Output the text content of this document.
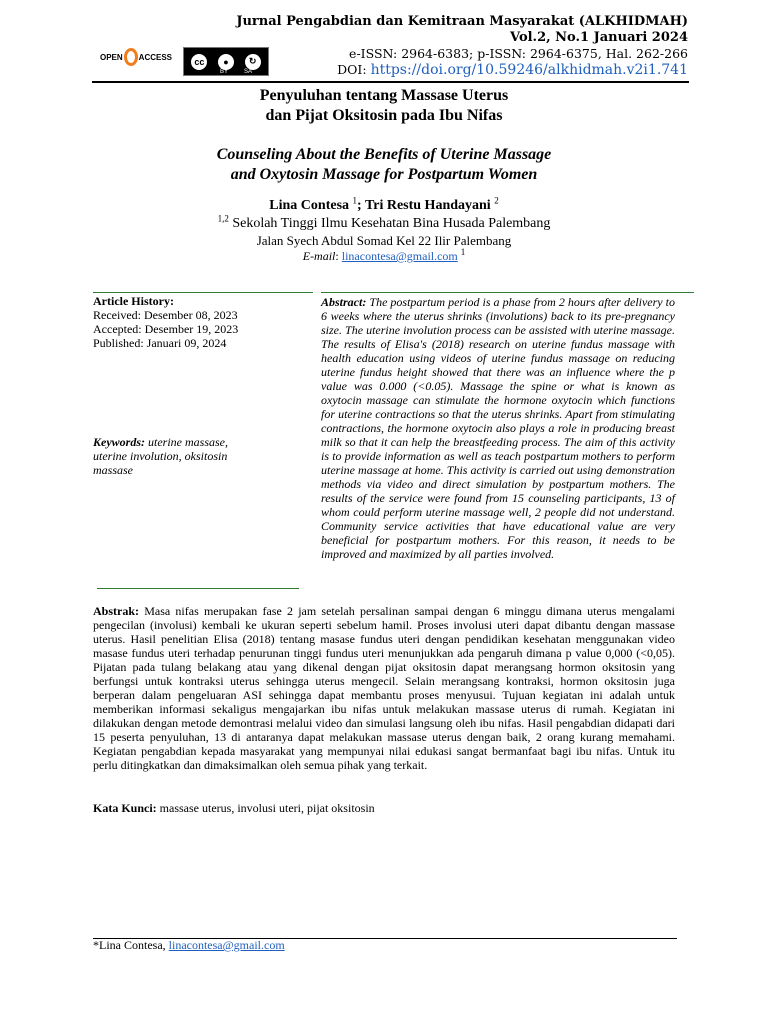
OPEN ACCESS cc	●	↻
BY	SA
Jurnal Pengabdian dan Kemitraan Masyarakat (ALKHIDMAH)
Vol.2, No.1 Januari 2024
e-ISSN: 2964-6383; p-ISSN: 2964-6375, Hal. 262-266
DOI: https://doi.org/10.59246/alkhidmah.v2i1.741
Penyuluhan tentang Massase Uterus
dan Pijat Oksitosin pada Ibu Nifas
Counseling About the Benefits of Uterine Massage
and Oxytosin Massage for Postpartum Women
Lina Contesa $^1$; Tri Restu Handayani $^2$
$^{1,2}$ Sekolah Tinggi Ilmu Kesehatan Bina Husada Palembang
Jalan Syech Abdul Somad Kel 22 Ilir Palembang
E-mail: linacontesa@gmail.com $^1$
Article History:
Received: Desember 08, 2023
Accepted: Desember 19, 2023
Published: Januari 09, 2024
Keywords: uterine massase, uterine involution, oksitosin massase
Abstract: The postpartum period is a phase from 2 hours after delivery to 6 weeks where the uterus shrinks (involutions) back to its pre-pregnancy size. The uterine involution process can be assisted with uterine massage. The results of Elisa's (2018) research on uterine fundus massage with health education using videos of uterine fundus massage on reducing uterine fundus height showed that there was an influence where the p value was 0.000 (<0.05). Massage the spine or what is known as oxytocin massage can stimulate the hormone oxytocin which functions for uterine contractions so that the uterus shrinks. Apart from stimulating contractions, the hormone oxytocin also plays a role in producing breast milk so that it can help the breastfeeding process. The aim of this activity is to provide information as well as teach postpartum mothers to perform uterine massage at home. This activity is carried out using demonstration methods via video and direct simulation by postpartum mothers. The results of the service were found from 15 counseling participants, 13 of whom could perform uterine massage well, 2 people did not understand. Community service activities that have educational value are very beneficial for postpartum mothers. For this reason, it needs to be improved and maximized by all parties involved.
Abstrak: Masa nifas merupakan fase 2 jam setelah persalinan sampai dengan 6 minggu dimana uterus mengalami pengecilan (involusi) kembali ke ukuran seperti sebelum hamil. Proses involusi uteri dapat dibantu dengan massase uterus. Hasil penelitian Elisa (2018) tentang masase fundus uteri dengan pendidikan kesehatan menggunakan video masase fundus uteri terhadap penurunan tinggi fundus uteri menunjukkan ada pengaruh dimana p value 0,000 (<0,05). Pijatan pada tulang belakang atau yang dikenal dengan pijat oksitosin dapat merangsang hormon oksitosin yang berfungsi untuk kontraksi uterus sehingga uterus mengecil. Selain merangsang kontraksi, hormon oksitosin juga berperan dalam pengeluaran ASI sehingga dapat membantu proses menyusui. Tujuan kegiatan ini adalah untuk memberikan informasi sekaligus mengajarkan ibu nifas untuk melakukan massase uterus di rumah. Kegiatan ini dilakukan dengan metode demontrasi melalui video dan simulasi langsung oleh ibu nifas. Hasil pengabdian didapati dari 15 peserta penyuluhan, 13 di antaranya dapat melakukan massase uterus dengan baik, 2 orang kurang memahami. Kegiatan pengabdian kepada masyarakat yang mempunyai nilai edukasi sangat bermanfaat bagi ibu nifas. Untuk itu perlu ditingkatkan dan dimaksimalkan oleh semua pihak yang terkait.
Kata Kunci: massase uterus, involusi uteri, pijat oksitosin
*Lina Contesa, linacontesa@gmail.com
